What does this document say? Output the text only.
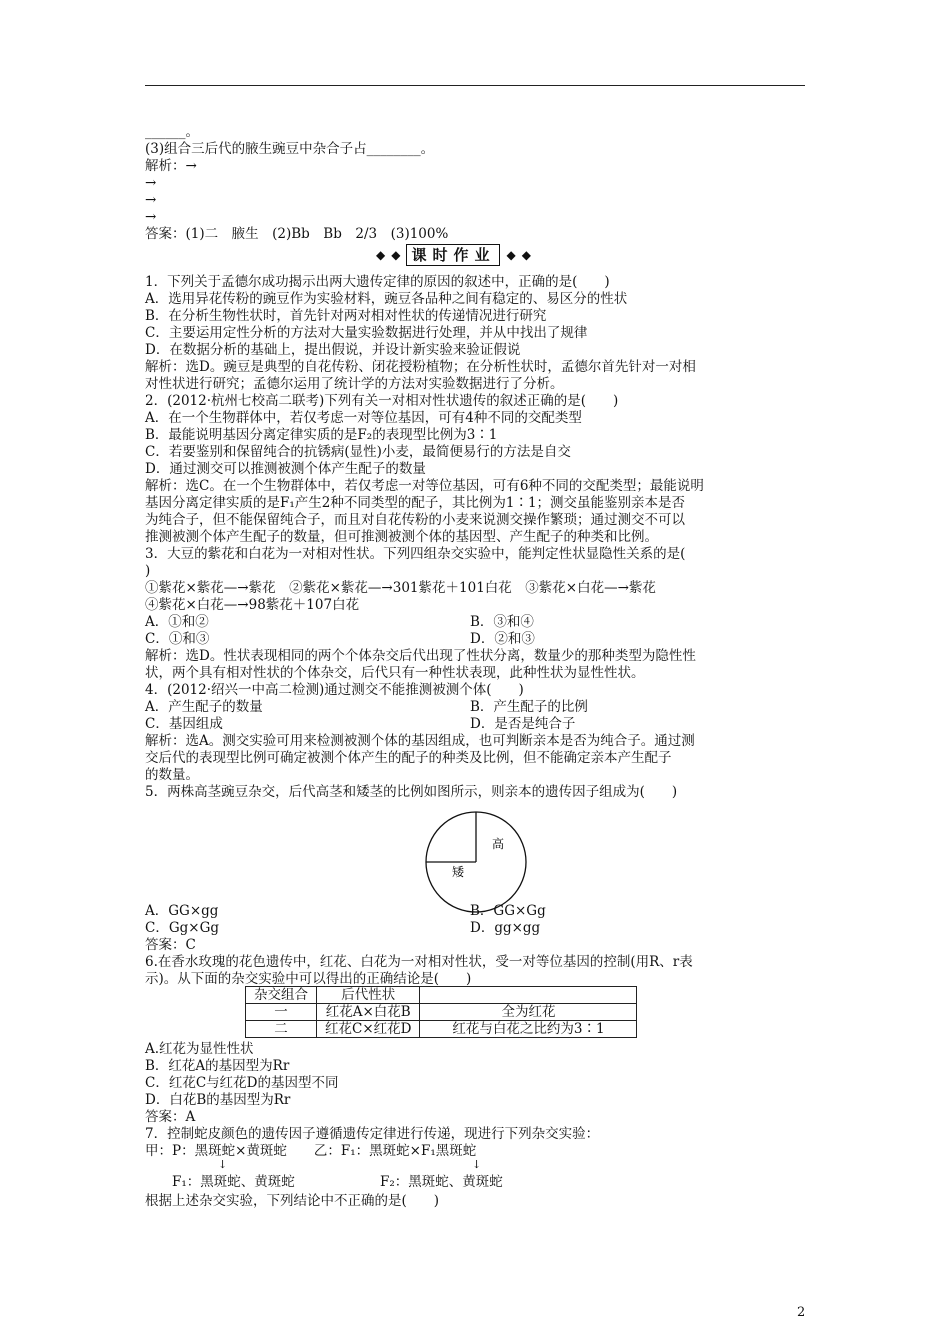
______。
(3)组合三后代的腋生豌豆中杂合子占________。
解析：→
→
→
→
答案：(1)二　腋生　(2)Bb　Bb　2/3　(3)100%
◆ ◆ 课时作业 ◆ ◆
1．下列关于孟德尔成功揭示出两大遗传定律的原因的叙述中，正确的是(　　)
A．选用异花传粉的豌豆作为实验材料，豌豆各品种之间有稳定的、易区分的性状
B．在分析生物性状时，首先针对两对相对性状的传递情况进行研究
C．主要运用定性分析的方法对大量实验数据进行处理，并从中找出了规律
D．在数据分析的基础上，提出假说，并设计新实验来验证假说
解析：选D。豌豆是典型的自花传粉、闭花授粉植物；在分析性状时，孟德尔首先针对一对相
对性状进行研究；孟德尔运用了统计学的方法对实验数据进行了分析。
2．(2012·杭州七校高二联考)下列有关一对相对性状遗传的叙述正确的是(　　)
A．在一个生物群体中，若仅考虑一对等位基因，可有4种不同的交配类型
B．最能说明基因分离定律实质的是F₂的表现型比例为3∶1
C．若要鉴别和保留纯合的抗锈病(显性)小麦，最简便易行的方法是自交
D．通过测交可以推测被测个体产生配子的数量
解析：选C。在一个生物群体中，若仅考虑一对等位基因，可有6种不同的交配类型；最能说明
基因分离定律实质的是F₁产生2种不同类型的配子，其比例为1∶1；测交虽能鉴别亲本是否
为纯合子，但不能保留纯合子，而且对自花传粉的小麦来说测交操作繁琐；通过测交不可以
推测被测个体产生配子的数量，但可推测被测个体的基因型、产生配子的种类和比例。
3．大豆的紫花和白花为一对相对性状。下列四组杂交实验中，能判定性状显隐性关系的是(
)
①紫花×紫花—→紫花　②紫花×紫花—→301紫花＋101白花　③紫花×白花—→紫花
④紫花×白花—→98紫花＋107白花
A．①和②	B．③和④
C．①和③	D．②和③
解析：选D。性状表现相同的两个个体杂交后代出现了性状分离，数量少的那种类型为隐性性
状，两个具有相对性状的个体杂交，后代只有一种性状表现，此种性状为显性性状。
4．(2012·绍兴一中高二检测)通过测交不能推测被测个体(　　)
A．产生配子的数量	B．产生配子的比例
C．基因组成	D．是否是纯合子
解析：选A。测交实验可用来检测被测个体的基因组成，也可判断亲本是否为纯合子。通过测
交后代的表现型比例可确定被测个体产生的配子的种类及比例，但不能确定亲本产生配子
的数量。
5．两株高茎豌豆杂交，后代高茎和矮茎的比例如图所示，则亲本的遗传因子组成为(　　)
高
矮
A．GG×gg	B．GG×Gg
C．Gg×Gg	D．gg×gg
答案：C
6.在香水玫瑰的花色遗传中，红花、白花为一对相对性状，受一对等位基因的控制(用R、r表
示)。从下面的杂交实验中可以得出的正确结论是(　　)
杂交组合	后代性状	
一	红花A×白花B	全为红花
二	红花C×红花D	红花与白花之比约为3∶1
A.红花为显性性状
B．红花A的基因型为Rr
C．红花C与红花D的基因型不同
D．白花B的基因型为Rr
答案：A
7．控制蛇皮颜色的遗传因子遵循遗传定律进行传递，现进行下列杂交实验：
甲：P：黑斑蛇×黄斑蛇　　乙：F₁：黑斑蛇×F₁黑斑蛇
↓	↓
F₁：黑斑蛇、黄斑蛇	F₂：黑斑蛇、黄斑蛇
根据上述杂交实验，下列结论中不正确的是(　　)
2
